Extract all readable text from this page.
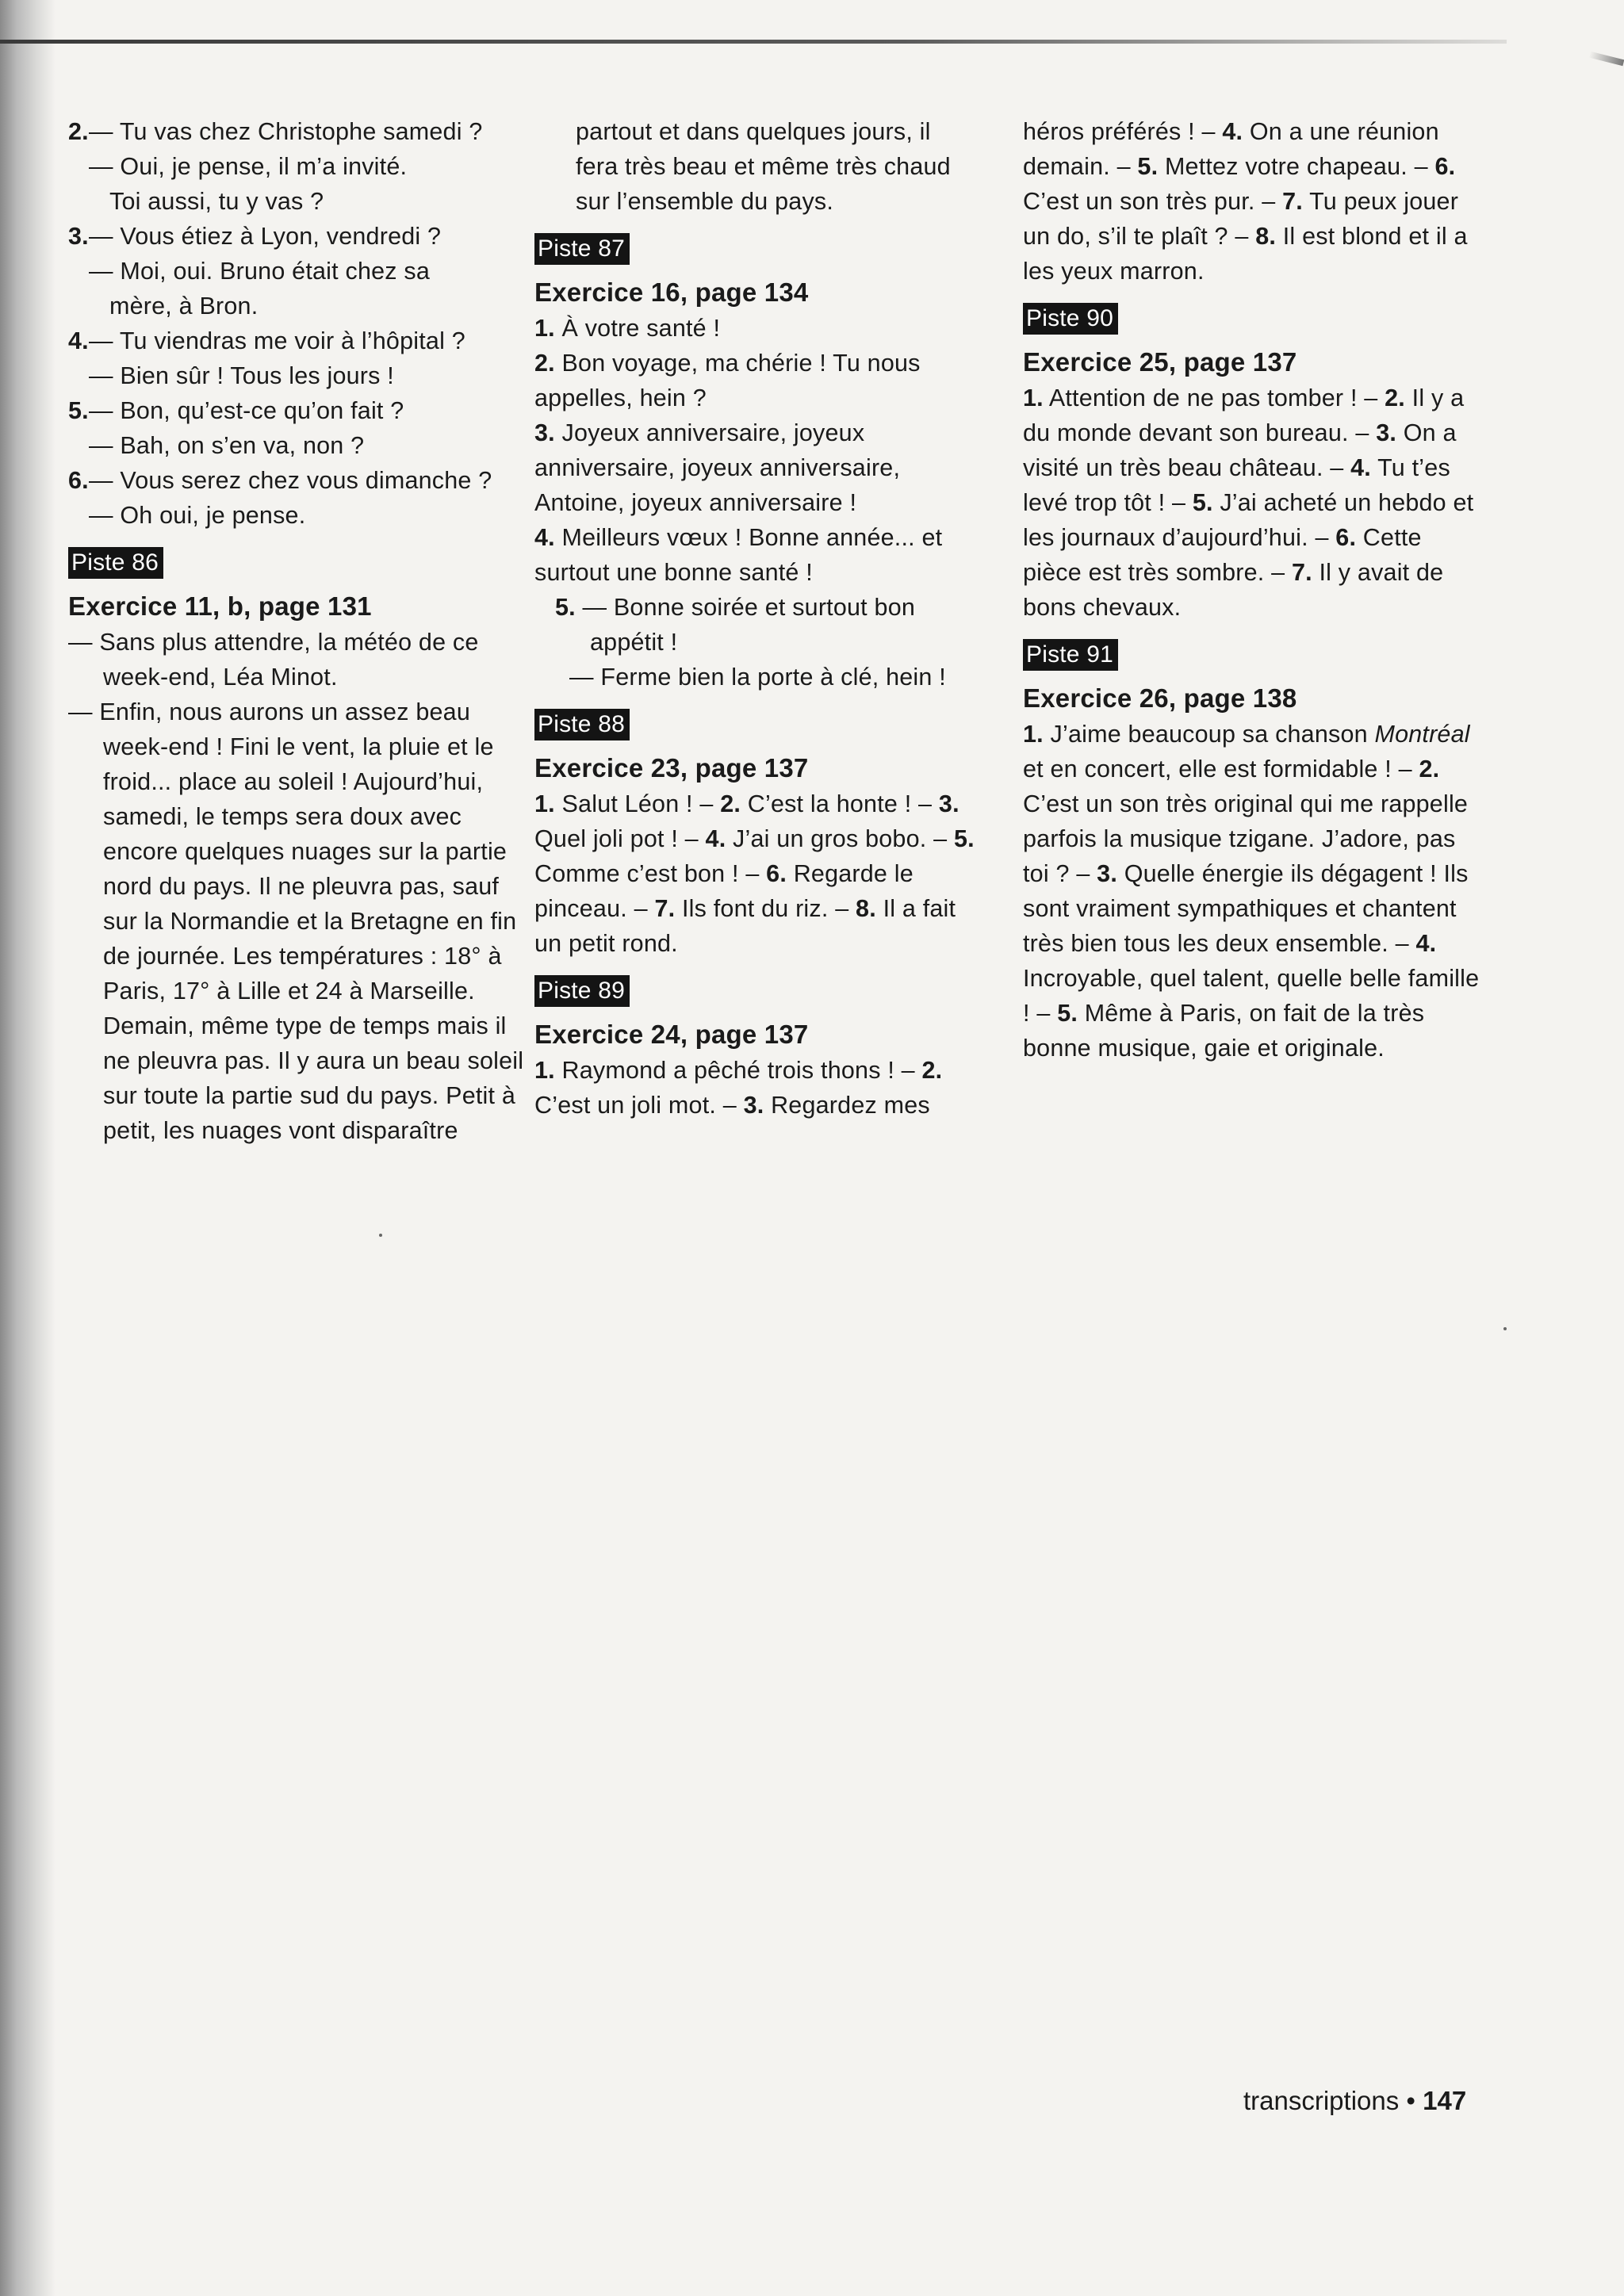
2. — Tu vas chez Christophe samedi ?

— Oui, je pense, il m’a invité.

Toi aussi, tu y vas ?

3. — Vous étiez à Lyon, vendredi ?

— Moi, oui. Bruno était chez sa

mère, à Bron.

4. — Tu viendras me voir à l’hôpital ?

— Bien sûr ! Tous les jours !

5. — Bon, qu’est-ce qu’on fait ?

— Bah, on s’en va, non ?

6. — Vous serez chez vous dimanche ?

— Oh oui, je pense.

Piste 86

Exercice 11, b, page 131

— Sans plus attendre, la météo de ce week-end, Léa Minot.

— Enfin, nous aurons un assez beau week-end ! Fini le vent, la pluie et le froid... place au soleil ! Aujourd’hui, samedi, le temps sera doux avec encore quelques nuages sur la partie nord du pays. Il ne pleuvra pas, sauf sur la Normandie et la Bretagne en fin de journée. Les températures : 18° à Paris, 17° à Lille et 24 à Marseille. Demain, même type de temps mais il ne pleuvra pas. Il y aura un beau soleil sur toute la partie sud du pays. Petit à petit, les nuages vont disparaître

partout et dans quelques jours, il fera très beau et même très chaud sur l’ensemble du pays.

Piste 87

Exercice 16, page 134

1. À votre santé !

2. Bon voyage, ma chérie ! Tu nous appelles, hein ?

3. Joyeux anniversaire, joyeux anniversaire, joyeux anniversaire, Antoine, joyeux anniversaire !

4. Meilleurs vœux ! Bonne année... et surtout une bonne santé !

5. — Bonne soirée et surtout bon appétit !

— Ferme bien la porte à clé, hein !

Piste 88

Exercice 23, page 137

1. Salut Léon ! – 2. C’est la honte ! – 3. Quel joli pot ! – 4. J’ai un gros bobo. – 5. Comme c’est bon ! – 6. Regarde le pinceau. – 7. Ils font du riz. – 8. Il a fait un petit rond.

Piste 89

Exercice 24, page 137

1. Raymond a pêché trois thons ! – 2. C’est un joli mot. – 3. Regardez mes

héros préférés ! – 4. On a une réunion demain. – 5. Mettez votre chapeau. – 6. C’est un son très pur. – 7. Tu peux jouer un do, s’il te plaît ? – 8. Il est blond et il a les yeux marron.

Piste 90

Exercice 25, page 137

1. Attention de ne pas tomber ! – 2. Il y a du monde devant son bureau. – 3. On a visité un très beau château. – 4. Tu t’es levé trop tôt ! – 5. J’ai acheté un hebdo et les journaux d’aujourd’hui. – 6. Cette pièce est très sombre. – 7. Il y avait de bons chevaux.

Piste 91

Exercice 26, page 138

1. J’aime beaucoup sa chanson Montréal et en concert, elle est formidable ! – 2. C’est un son très original qui me rappelle parfois la musique tzigane. J’adore, pas toi ? – 3. Quelle énergie ils dégagent ! Ils sont vraiment sympathiques et chantent très bien tous les deux ensemble. – 4. Incroyable, quel talent, quelle belle famille ! – 5. Même à Paris, on fait de la très bonne musique, gaie et originale.

transcriptions • 147
